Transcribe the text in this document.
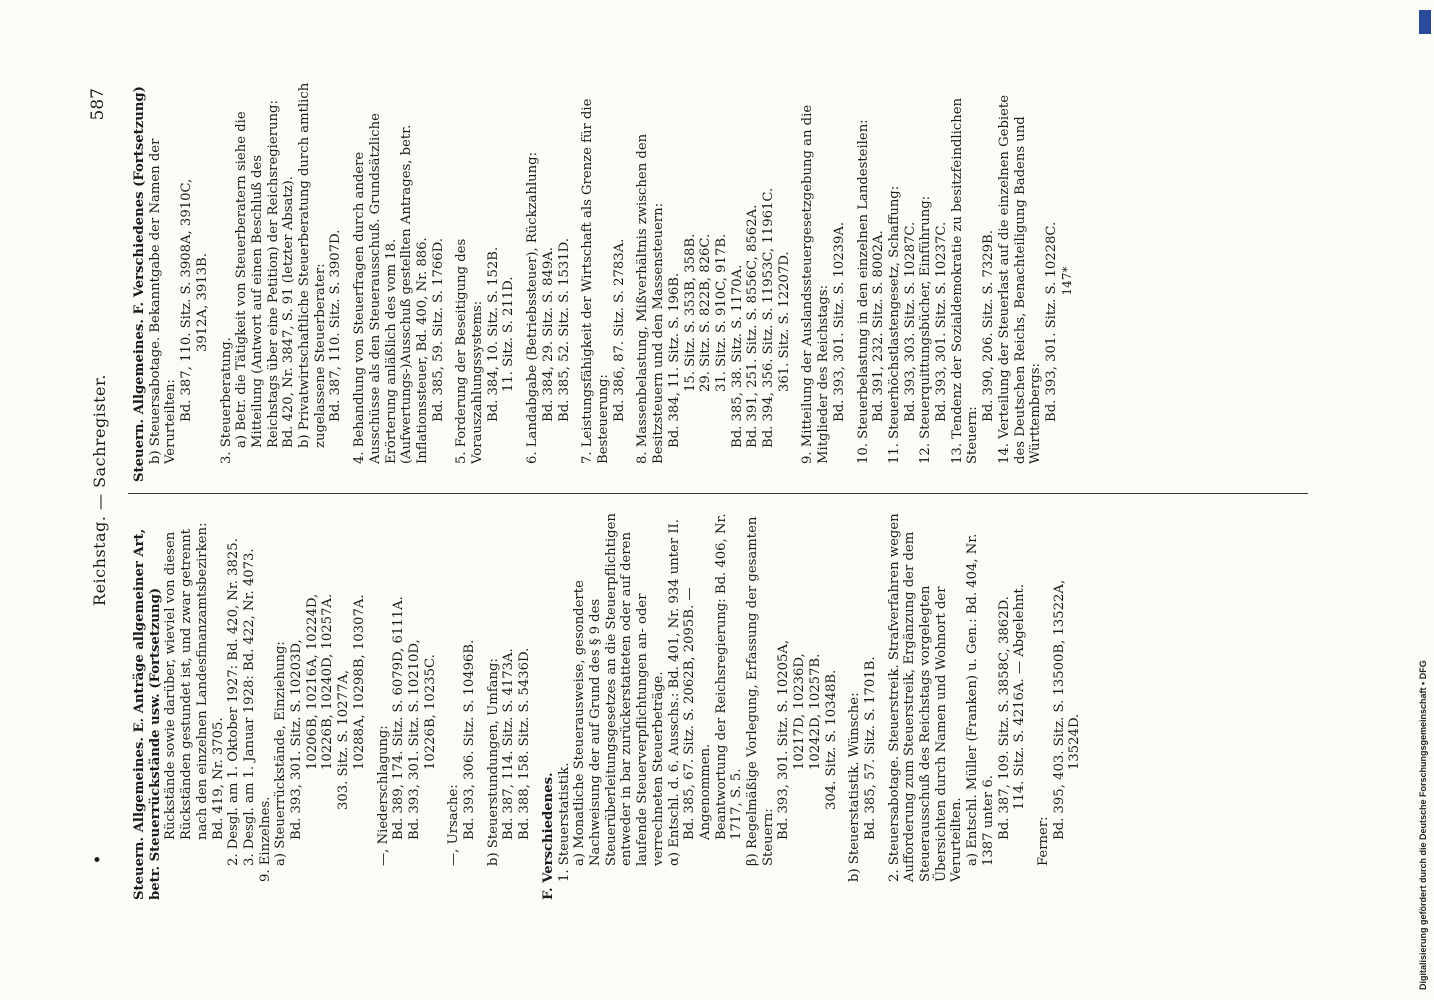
•
Reichstag. — Sachregister.
587
Steuern. Allgemeines. E. Anträge allgemeiner Art, betr. Steuerrückstände usw. (Fortsetzung) Rückstände sowie darüber, wieviel von diesen Rückständen gestundet ist, und zwar getrennt nach den einzelnen Landesfinanzamtsbezirken: Bd. 419, Nr. 3705. 2. Desgl. am 1. Oktober 1927: Bd. 420, Nr. 3825. 3. Desgl. am 1. Januar 1928: Bd. 422, Nr. 4073. 9. Einzelnes. a) Steuerrückstände, Einziehung: Bd. 393, 301. Sitz. S. 10203D, 10206B, 10216A, 10224D, 10226B, 10240D, 10257A. 303. Sitz. S. 10277A, 10288A, 10298B, 10307A.
—, Niederschlagung: Bd. 389, 174. Sitz. S. 6079D, 6111A. Bd. 393, 301. Sitz. S. 10210D, 10226B, 10235C.
—, Ursache: Bd. 393, 306. Sitz. S. 10496B. b) Steuerstundungen, Umfang: Bd. 387, 114. Sitz. S. 4173A. Bd. 388, 158. Sitz. S. 5436D. F. Verschiedenes. 1. Steuerstatistik. a) Monatliche Steuerausweise, gesonderte Nachweisung der auf Grund des § 9 des Steuerüberleitungsgesetzes an die Steuerpflichtigen entweder in bar zurückerstatteten oder auf deren laufende Steuerverpflichtungen an- oder verrechneten Steuerbeträge. α) Entschl. d. 6. Ausschs.: Bd. 401, Nr. 934 unter II. Bd. 385, 67. Sitz. S. 2062B, 2095B. — Angenommen. Beantwortung der Reichsregierung: Bd. 406, Nr. 1717, S. 5. β) Regelmäßige Vorlegung, Erfassung der gesamten Steuern: Bd. 393, 301. Sitz. S. 10205A, 10217D, 10236D, 10242D, 10257B. 304. Sitz. S. 10348B. b) Steuerstatistik. Wünsche: Bd. 385, 57. Sitz. S. 1701B. 2. Steuersabotage. Steuerstreik. Strafverfahren wegen Aufforderung zum Steuerstreik, Ergänzung der dem Steuerausschuß des Reichstags vorgelegten Übersichten durch Namen und Wohnort der Verurteilten. a) Entschl. Müller (Franken) u. Gen.: Bd. 404, Nr. 1387 unter 6. Bd. 387, 109. Sitz. S. 3858C, 3862D. 114. Sitz. S. 4216A. — Abgelehnt.
Ferner:
Bd. 395, 403. Sitz. S. 13500B, 13522A, 13524D.
Steuern. Allgemeines. F. Verschiedenes (Fortsetzung) b) Steuersabotage. Bekanntgabe der Namen der Verurteilten: Bd. 387, 110. Sitz. S. 3908A, 3910C, 3912A, 3913B.
3. Steuerberatung. a) Betr. die Tätigkeit von Steuerberatern siehe die Mitteilung (Antwort auf einen Beschluß des Reichstags über eine Petition) der Reichsregierung: Bd. 420, Nr. 3847, S. 91 (letzter Absatz). b) Privatwirtschaftliche Steuerberatung durch amtlich zugelassene Steuerberater: Bd. 387, 110. Sitz. S. 3907D. 4. Behandlung von Steuerfragen durch andere Ausschüsse als den Steuerausschuß. Grundsätzliche Erörterung anläßlich des vom 18. (Aufwertungs-)Ausschuß gestellten Antrages, betr. Inflationssteuer, Bd. 400, Nr. 886. Bd. 385, 59. Sitz. S. 1766D. 5. Forderung der Beseitigung des Vorauszahlungssystems: Bd. 384, 10. Sitz. S. 152B. 11. Sitz. S. 211D. 6. Landabgabe (Betriebssteuer), Rückzahlung: Bd. 384, 29. Sitz. S. 849A. Bd. 385, 52. Sitz. S. 1531D. 7. Leistungsfähigkeit der Wirtschaft als Grenze für die Besteuerung: Bd. 386, 87. Sitz. S. 2783A. 8. Massenbelastung, Mißverhältnis zwischen den Besitzsteuern und den Massensteuern: Bd. 384, 11. Sitz. S. 196B. 15. Sitz. S. 353B, 358B. 29. Sitz. S. 822B, 826C. 31. Sitz. S. 910C, 917B. Bd. 385, 38. Sitz. S. 1170A. Bd. 391, 251. Sitz. S. 8556C, 8562A. Bd. 394, 356. Sitz. S. 11953C, 11961C. 361. Sitz. S. 12207D. 9. Mitteilung der Auslandssteuergesetzgebung an die Mitglieder des Reichstags: Bd. 393, 301. Sitz. S. 10239A. 10. Steuerbelastung in den einzelnen Landesteilen: Bd. 391, 232. Sitz. S. 8002A. 11. Steuerhöchstlastengesetz, Schaffung: Bd. 393, 303. Sitz. S. 10287C. 12. Steuerquittungsbücher, Einführung: Bd. 393, 301. Sitz. S. 10237C. 13. Tendenz der Sozialdemokratie zu besitzfeindlichen Steuern:
Bd. 390, 206. Sitz. S. 7329B. 14. Verteilung der Steuerlast auf die einzelnen Gebiete des Deutschen Reichs, Benachteiligung Badens und Württembergs: Bd. 393, 301. Sitz. S. 10228C. 147*
Digitalisierung gefördert durch die Deutsche Forschungsgemeinschaft • DFG
